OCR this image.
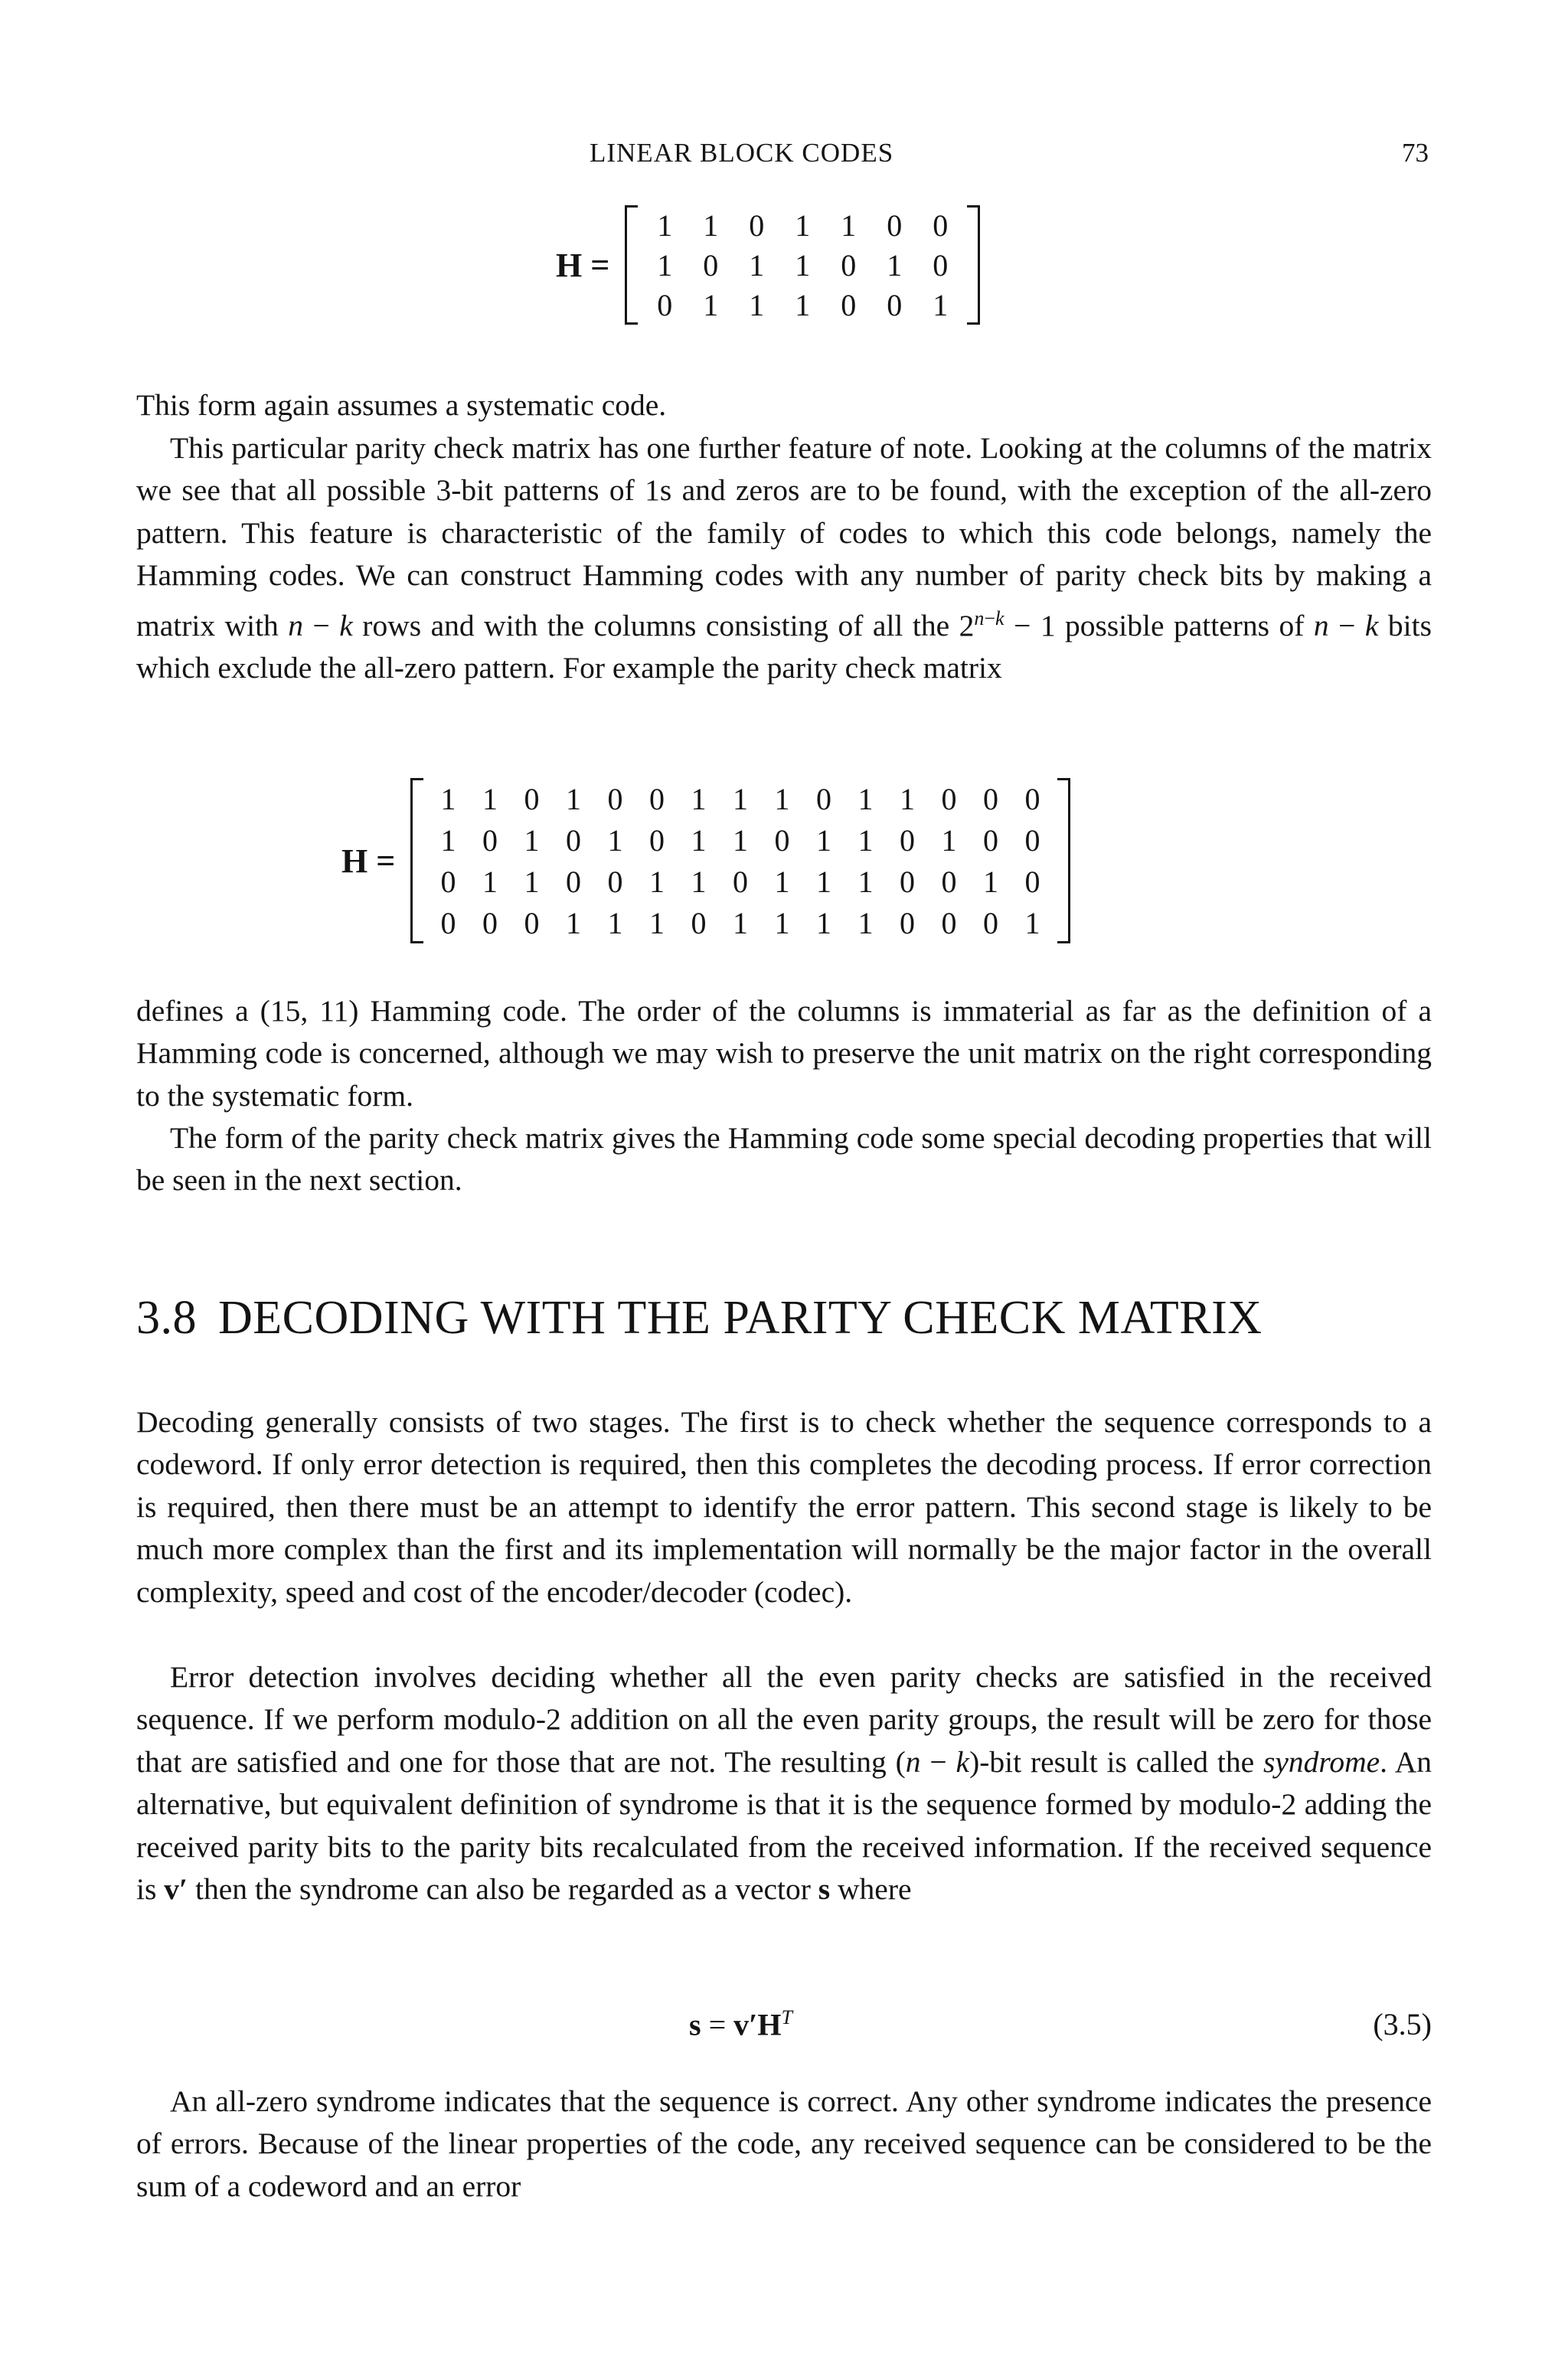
LINEAR BLOCK CODES	73
H =
1	1	0	1	1	0	0
1	0	1	1	0	1	0
0	1	1	1	0	0	1

This form again assumes a systematic code.

This particular parity check matrix has one further feature of note. Looking at the columns of the matrix we see that all possible 3-bit patterns of 1s and zeros are to be found, with the exception of the all-zero pattern. This feature is characteristic of the family of codes to which this code belongs, namely the Hamming codes. We can construct Hamming codes with any number of parity check bits by making a matrix with n − k rows and with the columns consisting of all the $2^{n-k} - 1$ possible patterns of n − k bits which exclude the all-zero pattern. For example the parity check matrix

H =
1	1	0	1	0	0	1	1	1	0	1	1	0	0	0
1	0	1	0	1	0	1	1	0	1	1	0	1	0	0
0	1	1	0	0	1	1	0	1	1	1	0	0	1	0
0	0	0	1	1	1	0	1	1	1	1	0	0	0	1

defines a (15, 11) Hamming code. The order of the columns is immaterial as far as the definition of a Hamming code is concerned, although we may wish to preserve the unit matrix on the right corresponding to the systematic form.

The form of the parity check matrix gives the Hamming code some special decoding properties that will be seen in the next section.

3.8 DECODING WITH THE PARITY CHECK MATRIX

Decoding generally consists of two stages. The first is to check whether the sequence corresponds to a codeword. If only error detection is required, then this completes the decoding process. If error correction is required, then there must be an attempt to identify the error pattern. This second stage is likely to be much more complex than the first and its implementation will normally be the major factor in the overall complexity, speed and cost of the encoder/decoder (codec).

Error detection involves deciding whether all the even parity checks are satisfied in the received sequence. If we perform modulo-2 addition on all the even parity groups, the result will be zero for those that are satisfied and one for those that are not. The resulting (n − k)-bit result is called the syndrome. An alternative, but equivalent definition of syndrome is that it is the sequence formed by modulo-2 adding the received parity bits to the parity bits recalculated from the received information. If the received sequence is v′ then the syndrome can also be regarded as a vector s where

$s = v'H^T$	(3.5)

An all-zero syndrome indicates that the sequence is correct. Any other syndrome indicates the presence of errors. Because of the linear properties of the code, any received sequence can be considered to be the sum of a codeword and an error
